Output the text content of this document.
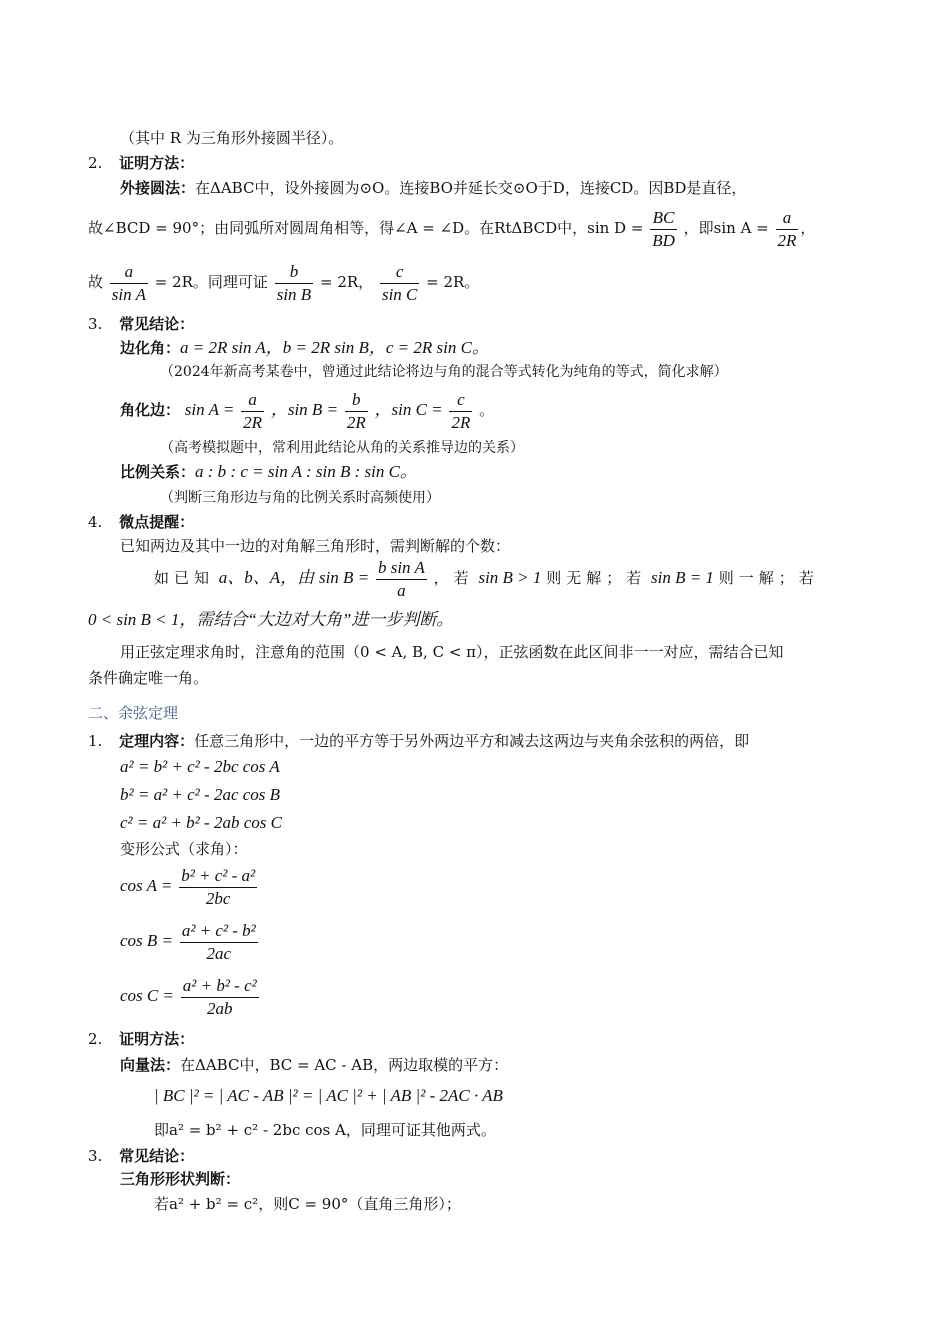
（其中 R 为三角形外接圆半径）。
2. 证明方法：
外接圆法：在ΔABC中，设外接圆为⊙O。连接BO并延长交⊙O于D，连接CD。因BD是直径，
故∠BCD = 90°；由同弧所对圆周角相等，得∠A = ∠D。在RtΔBCD中，$\sin D = \frac{BC}{BD}$ ，即$\sin A = \frac{a}{2R}$ ，
故 $\frac{a}{\text{sin A}} = 2R$。同理可证 $\frac{b}{\text{sin B}} = 2R$， $\frac{c}{\text{sin C}} = 2R$。
3. 常见结论：
边化角：a = 2R sin A，b = 2R sin B，c = 2R sin C。
（2024年新高考某卷中，曾通过此结论将边与角的混合等式转化为纯角的等式，简化求解）
角化边： $\sin A = \frac{a}{2R}$ ，$\sin B = \frac{b}{2R}$ ，$\sin C = \frac{c}{2R}$ 。
（高考模拟题中，常利用此结论从角的关系推导边的关系）
比例关系：a : b : c = sin A : sin B : sin C。
（判断三角形边与角的比例关系时高频使用）
4. 微点提醒：
已知两边及其中一边的对角解三角形时，需判断解的个数：
如已知 a、b、A，由 $\sin B = \frac{\text{b sin A}}{a}$ ，若 sin B > 1 则无解；若 sin B = 1 则一解；若
0 < sin B < 1，需结合“大边对大角”进一步判断。
用正弦定理求角时，注意角的范围（0 < A, B, C < π），正弦函数在此区间非一一对应，需结合已知
条件确定唯一角。
二、余弦定理
1. 定理内容：任意三角形中，一边的平方等于另外两边平方和减去这两边与夹角余弦积的两倍，即
a² = b² + c² - 2bc cos A
b² = a² + c² - 2ac cos B
c² = a² + b² - 2ab cos C
变形公式（求角）：
$\cos A = \frac{\text{b² + c² - a²}}{2bc}$
$\cos B = \frac{\text{a² + c² - b²}}{2ac}$
$\cos C = \frac{\text{a² + b² - c²}}{2ab}$
2. 证明方法：
向量法：在ΔABC中，BC = AC - AB，两边取模的平方：
| BC |² = | AC - AB |² = | AC |² + | AB |² - 2AC · AB
即a² = b² + c² - 2bc cos A，同理可证其他两式。
3. 常见结论：
三角形形状判断：
若a² + b² = c²，则C = 90°（直角三角形）；
